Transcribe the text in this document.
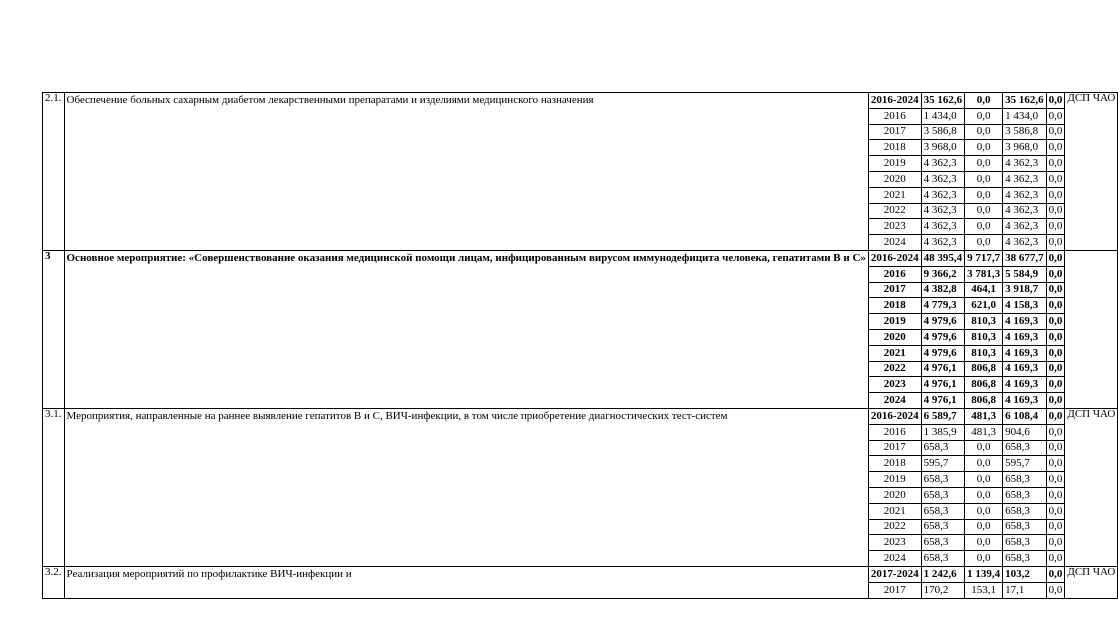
2.1.	Обеспечение больных сахарным диабетом лекарственными препаратами и изделиями медицинского назначения	2016-2024	35 162,6	0,0	35 162,6	0,0	ДСП ЧАО
		2016	1 434,0	0,0	1 434,0	0,0	
		2017	3 586,8	0,0	3 586,8	0,0	
		2018	3 968,0	0,0	3 968,0	0,0	
		2019	4 362,3	0,0	4 362,3	0,0	
		2020	4 362,3	0,0	4 362,3	0,0	
		2021	4 362,3	0,0	4 362,3	0,0	
		2022	4 362,3	0,0	4 362,3	0,0	
		2023	4 362,3	0,0	4 362,3	0,0	
		2024	4 362,3	0,0	4 362,3	0,0	
3	Основное мероприятие: «Совершенствование оказания медицинской помощи лицам, инфицированным вирусом иммунодефицита человека, гепатитами В и С»	2016-2024	48 395,4	9 717,7	38 677,7	0,0	
		2016	9 366,2	3 781,3	5 584,9	0,0	
		2017	4 382,8	464,1	3 918,7	0,0	
		2018	4 779,3	621,0	4 158,3	0,0	
		2019	4 979,6	810,3	4 169,3	0,0	
		2020	4 979,6	810,3	4 169,3	0,0	
		2021	4 979,6	810,3	4 169,3	0,0	
		2022	4 976,1	806,8	4 169,3	0,0	
		2023	4 976,1	806,8	4 169,3	0,0	
		2024	4 976,1	806,8	4 169,3	0,0	
3.1.	Мероприятия, направленные на раннее выявление гепатитов В и С, ВИЧ-инфекции, в том числе приобретение диагностических тест-систем	2016-2024	6 589,7	481,3	6 108,4	0,0	ДСП ЧАО
		2016	1 385,9	481,3	904,6	0,0	
		2017	658,3	0,0	658,3	0,0	
		2018	595,7	0,0	595,7	0,0	
		2019	658,3	0,0	658,3	0,0	
		2020	658,3	0,0	658,3	0,0	
		2021	658,3	0,0	658,3	0,0	
		2022	658,3	0,0	658,3	0,0	
		2023	658,3	0,0	658,3	0,0	
		2024	658,3	0,0	658,3	0,0	
3.2.	Реализация мероприятий по профилактике ВИЧ-инфекции и	2017-2024	1 242,6	1 139,4	103,2	0,0	ДСП ЧАО
		2017	170,2	153,1	17,1	0,0	
